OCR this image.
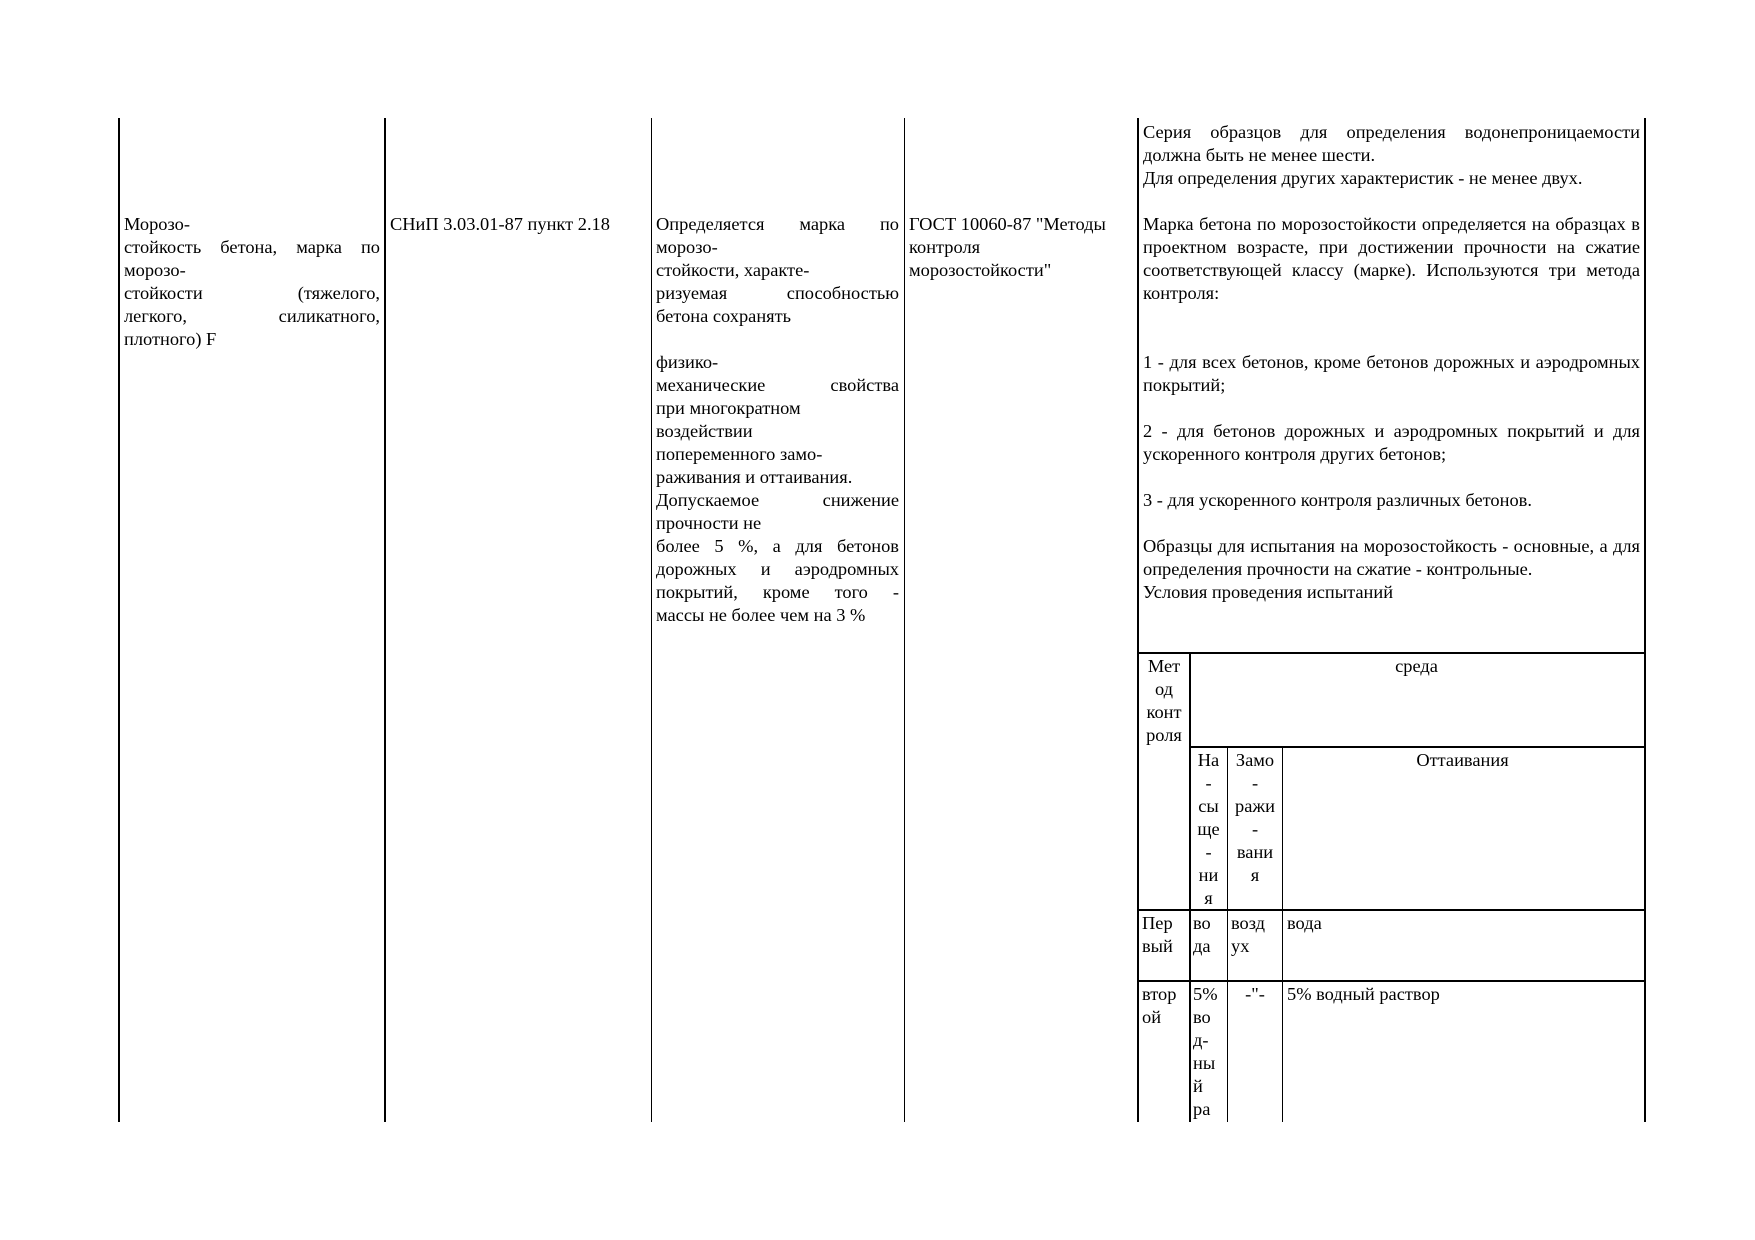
Морозо-
стойкость бетона, марка по
морозо-
стойкости (тяжелого,
легкого, силикатного,
плотного) F
СНиП 3.03.01-87 пункт 2.18	Определяется марка по
морозо-
стойкости, характе-
ризуемая способностью
бетона сохранять
физико-
механические свойства
при многократном
воздействии
попеременного замо-
раживания и оттаивания.
Допускаемое снижение
прочности не
более 5 %, а для бетонов
дорожных и аэродромных
покрытий, кроме того -
массы не более чем на 3 %
ГОСТ 10060-87 "Методы
контроля
морозостойкости"
Серия образцов для определения водонепроницаемости должна быть не менее шести.
Для определения других характеристик - не менее двух.
Марка бетона по морозостойкости определяется на образцах в проектном возрасте, при достижении прочности на сжатие соответствующей классу (марке). Используются три метода контроля:
1 - для всех бетонов, кроме бетонов дорожных и аэродромных покрытий;
2 - для бетонов дорожных и аэродромных покрытий и для ускоренного контроля других бетонов;
3 - для ускоренного контроля различных бетонов.
Образцы для испытания на морозостойкость - основные, а для определения прочности на сжатие - контрольные.
Условия проведения испытаний
Мет
од
конт
роля
среда
На
-
сы
ще
-
ни
я
Замо
-
ражи
-
вани
я
Оттаивания
Пер
вый
во
да
возд
ух
вода
втор
ой
5%
во
д-
ны
й
ра
-"-	5% водный раствор
